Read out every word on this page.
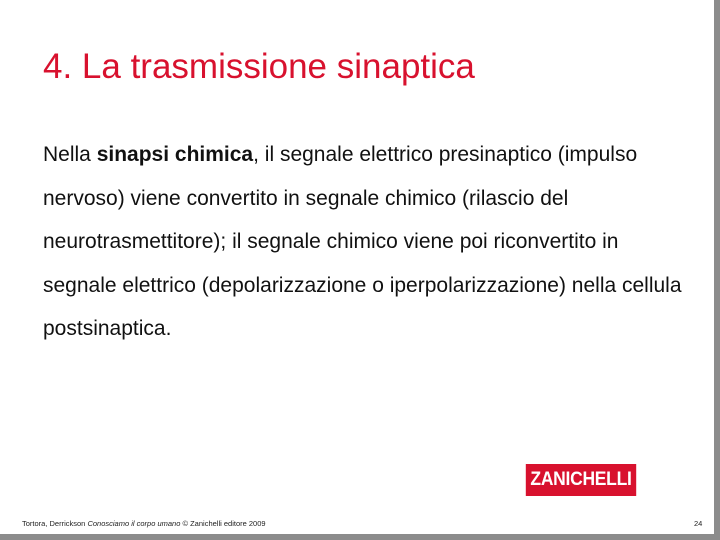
4. La trasmissione sinaptica

Nella sinapsi chimica, il segnale elettrico presinaptico (impulso nervoso) viene convertito in segnale chimico (rilascio del neurotrasmettitore); il segnale chimico viene poi riconvertito in segnale elettrico (depolarizzazione o iperpolarizzazione) nella cellula postsinaptica.

ZANICHELLI
Tortora, Derrickson Conosciamo il corpo umano © Zanichelli editore 2009	24
